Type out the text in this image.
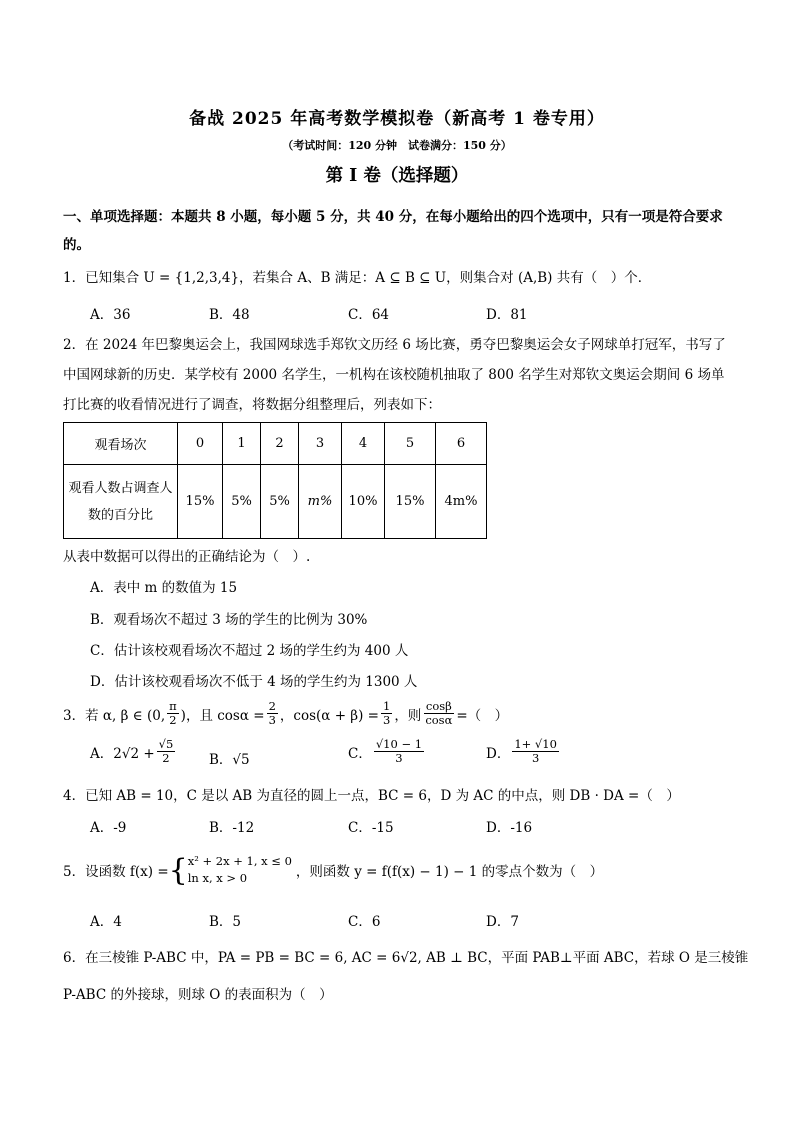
备战 2025 年高考数学模拟卷（新高考 1 卷专用）
（考试时间：120 分钟　试卷满分：150 分）
第 I 卷（选择题）
一、单项选择题：本题共 8 小题，每小题 5 分，共 40 分，在每小题给出的四个选项中，只有一项是符合要求的。
1．已知集合 U = {1,2,3,4}，若集合 A、B 满足：A ⊆ B ⊆ U，则集合对 (A,B) 共有（　）个．
A．36	B．48	C．64	D．81
2．在 2024 年巴黎奥运会上，我国网球选手郑钦文历经 6 场比赛，勇夺巴黎奥运会女子网球单打冠军，书写了中国网球新的历史．某学校有 2000 名学生，一机构在该校随机抽取了 800 名学生对郑钦文奥运会期间 6 场单打比赛的收看情况进行了调查，将数据分组整理后，列表如下：
观看场次	0	1	2	3	4	5	6
观看人数占调查人数的百分比	15%	5%	5%	m%	10%	15%	4m%
从表中数据可以得出的正确结论为（　）.
A．表中 m 的数值为 15
B．观看场次不超过 3 场的学生的比例为 30%
C．估计该校观看场次不超过 2 场的学生约为 400 人
D．估计该校观看场次不低于 4 场的学生约为 1300 人
3．若 α, β ∈ (0, $\frac{\pi}{2}$ )，且 $\cos\alpha = \frac{2}{3}$ ，$\cos(\alpha + \beta) = \frac{1}{3}$ ，则 $\frac{\cos\beta}{\cos\alpha}$ =（　）
A．$2√2 + \frac{√5}{2}$ B．√5	C． $\frac{√10 - 1}{3}$	D． $\frac{1+ √10}{3}$
4．已知 AB = 10，C 是以 AB 为直径的圆上一点，BC = 6，D 为 AC 的中点，则 DB · DA =（　）
A．-9	B．-12	C．-15	D．-16
5．设函数 f(x) = { x² + 2x + 1, x ≤ 0
ln x, x > 0	，则函数 y = f(f(x) − 1) − 1 的零点个数为（　）
A．4	B．5	C．6	D．7
6．在三棱锥 P-ABC 中，PA = PB = BC = 6, AC = 6√2, AB ⊥ BC，平面 PAB⊥平面 ABC，若球 O 是三棱锥
P-ABC 的外接球，则球 O 的表面积为（　）
